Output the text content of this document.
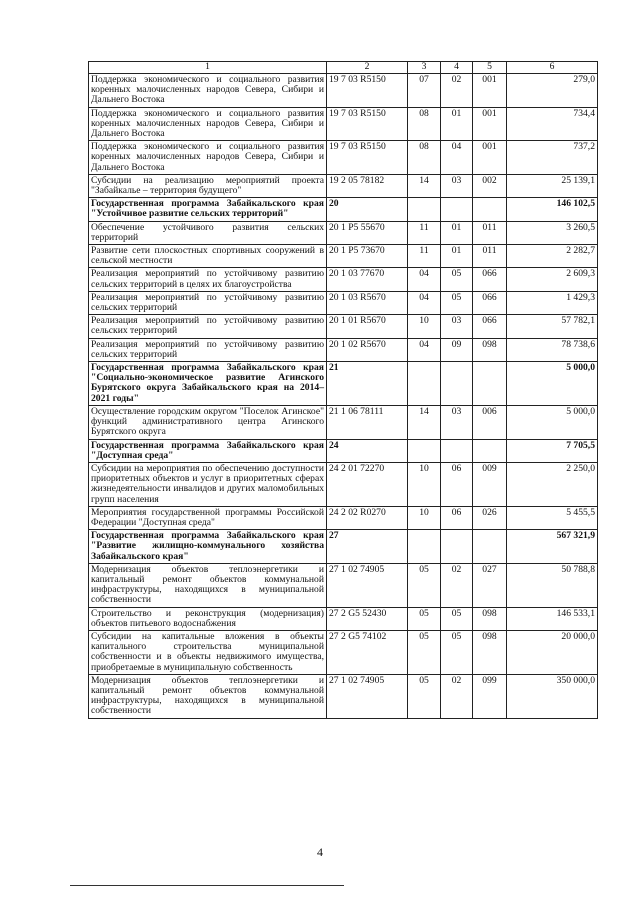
1	2	3	4	5	6
Поддержка экономического и социального развития коренных малочисленных народов Севера, Сибири и Дальнего Востока	19 7 03 R5150	07	02	001	279,0
Поддержка экономического и социального развития коренных малочисленных народов Севера, Сибири и Дальнего Востока	19 7 03 R5150	08	01	001	734,4
Поддержка экономического и социального развития коренных малочисленных народов Севера, Сибири и Дальнего Востока	19 7 03 R5150	08	04	001	737,2
Субсидии на реализацию мероприятий проекта "Забайкалье – территория будущего"	19 2 05 78182	14	03	002	25 139,1
Государственная программа Забайкальского края "Устойчивое развитие сельских территорий"	20				146 102,5
Обеспечение устойчивого развития сельских территорий	20 1 P5 55670	11	01	011	3 260,5
Развитие сети плоскостных спортивных сооружений в сельской местности	20 1 P5 73670	11	01	011	2 282,7
Реализация мероприятий по устойчивому развитию сельских территорий в целях их благоустройства	20 1 03 77670	04	05	066	2 609,3
Реализация мероприятий по устойчивому развитию сельских территорий	20 1 03 R5670	04	05	066	1 429,3
Реализация мероприятий по устойчивому развитию сельских территорий	20 1 01 R5670	10	03	066	57 782,1
Реализация мероприятий по устойчивому развитию сельских территорий	20 1 02 R5670	04	09	098	78 738,6
Государственная программа Забайкальского края "Социально-экономическое развитие Агинского Бурятского округа Забайкальского края на 2014–2021 годы"	21				5 000,0
Осуществление городским округом "Поселок Агинское" функций административного центра Агинского Бурятского округа	21 1 06 78111	14	03	006	5 000,0
Государственная программа Забайкальского края "Доступная среда"	24				7 705,5
Субсидии на мероприятия по обеспечению доступности приоритетных объектов и услуг в приоритетных сферах жизнедеятельности инвалидов и других маломобильных групп населения	24 2 01 72270	10	06	009	2 250,0
Мероприятия государственной программы Российской Федерации "Доступная среда"	24 2 02 R0270	10	06	026	5 455,5
Государственная программа Забайкальского края "Развитие жилищно-коммунального хозяйства Забайкальского края"	27				567 321,9
Модернизация объектов теплоэнергетики и капитальный ремонт объектов коммунальной инфраструктуры, находящихся в муниципальной собственности	27 1 02 74905	05	02	027	50 788,8
Строительство и реконструкция (модернизация) объектов питьевого водоснабжения	27 2 G5 52430	05	05	098	146 533,1
Субсидии на капитальные вложения в объекты капитального строительства муниципальной собственности и в объекты недвижимого имущества, приобретаемые в муниципальную собственность	27 2 G5 74102	05	05	098	20 000,0
Модернизация объектов теплоэнергетики и капитальный ремонт объектов коммунальной инфраструктуры, находящихся в муниципальной собственности	27 1 02 74905	05	02	099	350 000,0
4
